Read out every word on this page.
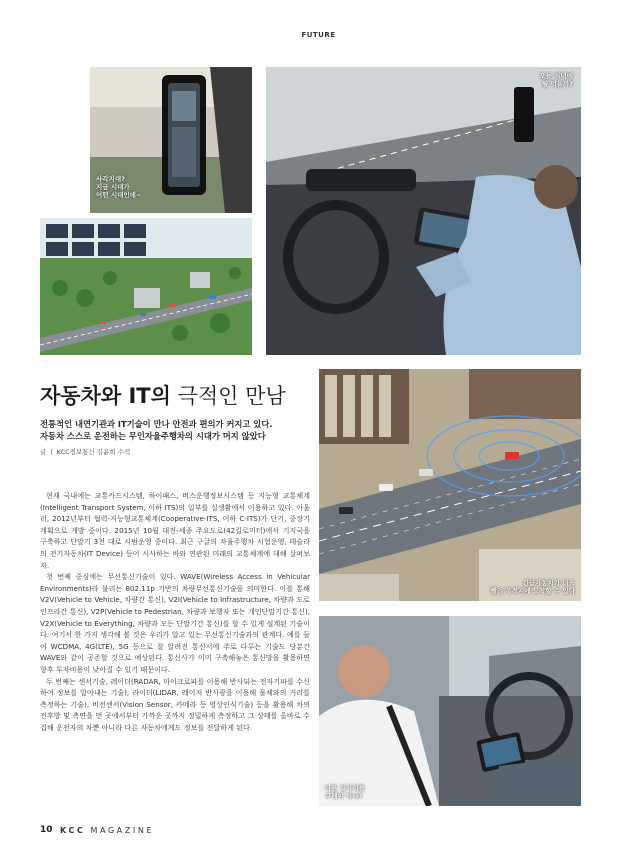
FUTURE
사각지대?
지금 시대가
어떤 시대인데~
오늘 저녁에
뭘 먹을까?
자동차와 IT의 극적인 만남
전통적인 내연기관과 IT기술이 만나 안전과 편의가 커지고 있다.
자동차 스스로 운전하는 무인자율주행차의 시대가 머지 않았다
글 ㅣ KCC정보통신 김윤희 수석

현재 국내에는 교통카드시스템, 하이패스, 버스운행정보시스템 등 지능형 교통체계(Intelligent Transport System, 이하 ITS)의 일부를 실생활에서 이용하고 있다. 아울러, 2012년부터 협력-지능형교통체계(Cooperative-ITS, 이하 C-ITS)가 단기, 중장기 계획으로 개발 중이다. 2015년 10월 대전-세종 주요도로(42킬로미터)에서 기지국을 구축하고 단말기 3천 대로 시범운영 중이다. 최근 구글의 자율주행차 시험운행, 테슬라의 전기자동차(IT Device) 등이 시사하는 바와 연관된 미래의 교통체계에 대해 살펴보자.

첫 번째 중심에는 무선통신기술이 있다. WAVE(Wireless Access in Vehicular Environments)라 불리는 802.11p 기반의 차량무선통신기술을 의미한다. 이를 통해 V2V(Vehicle to Vehicle, 차량간 통신), V2I(Vehicle to Infrastructure, 차량과 도로인프라간 통신), V2P(Vehicle to Pedestrian, 차량과 보행자 또는 개인단말기간 통신), V2X(Vehicle to Everything, 차량과 모든 단말기간 통신)를 할 수 있게 설계된 기술이다. 여기서 한 가지 생각해 볼 것은 우리가 알고 있는 무선통신기술과의 관계다. 예를 들어 WCDMA, 4G(LTE), 5G 등으로 잘 알려진 통신서에 주로 다루는 기술도 당분간 WAVE와 같이 공존할 것으로 예상된다. 통신사가 이미 구축해놓은 통신망을 활용하면 향후 투자비용이 낮아질 수 있기 때문이다.

두 번째는 센서기술, 레이더(RADAR, 마이크로파를 이용해 반사되는 전자기파를 수신하여 정보를 알아내는 기술), 라이더(LIDAR, 레이저 반사광을 이용해 물체와의 거리를 측정하는 기술), 비전센서(Vision Sensor, 카메라 등 영상인식기술) 등을 활용해 차의 전후방 및 측면을 먼 곳에서부터 가까운 곳까지 정밀하게 측정하고 그 상태를 올바로 수집해 운전자의 차뿐 아니라 다른 자동차에게도 정보를 전달하게 된다.

긴급자동차가 더욱
빨리 목적지에 도착할 수 있다
다른 일자리를
구해야 하나?
10 KCC MAGAZINE
